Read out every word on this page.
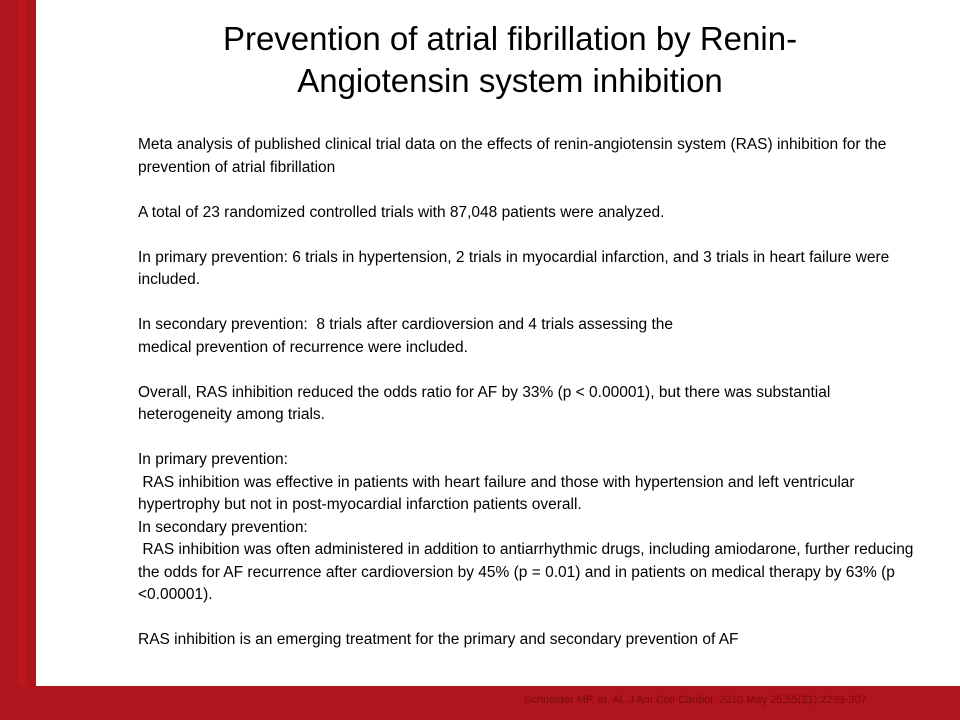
Prevention of atrial fibrillation by Renin-
Angiotensin system inhibition

Meta analysis of published clinical trial data on the effects of renin-angiotensin system (RAS) inhibition for the prevention of atrial fibrillation

A total of 23 randomized controlled trials with 87,048 patients were analyzed.

In primary prevention: 6 trials in hypertension, 2 trials in myocardial infarction, and 3 trials in heart failure were included.

In secondary prevention:  8 trials after cardioversion and 4 trials assessing the
medical prevention of recurrence were included.

Overall, RAS inhibition reduced the odds ratio for AF by 33% (p < 0.00001), but there was substantial heterogeneity among trials.

In primary prevention:
RAS inhibition was effective in patients with heart failure and those with hypertension and left ventricular hypertrophy but not in post-myocardial infarction patients overall.
In secondary prevention:
RAS inhibition was often administered in addition to antiarrhythmic drugs, including amiodarone, further reducing the odds for AF recurrence after cardioversion by 45% (p = 0.01) and in patients on medical therapy by 63% (p <0.00001).

RAS inhibition is an emerging treatment for the primary and secondary prevention of AF

Schneider MP, et. Al. J Am Coll Cardiol. 2010 May 25;55(21):2299-307
